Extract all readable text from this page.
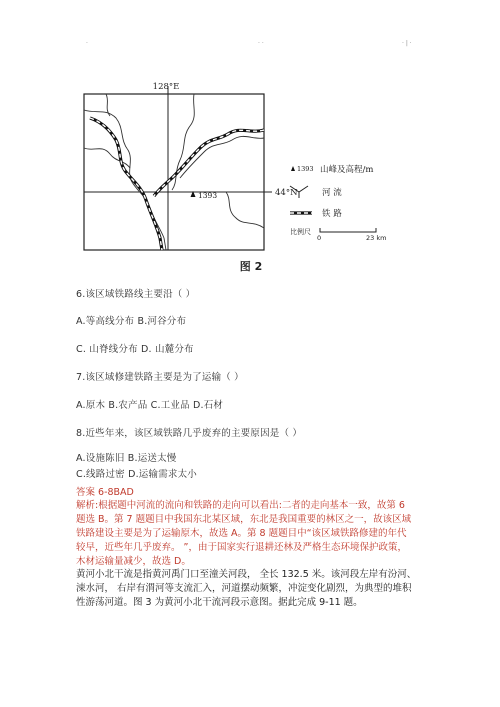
·	· ·	· | ·
128°E
44°N
1393
1393 山峰及高程/m
河 流
铁 路
比例尺
0	23 km
图 2
6.该区域铁路线主要沿（ ）
A.等高线分布 B.河谷分布
C. 山脊线分布 D. 山麓分布
7.该区域修建铁路主要是为了运输（ ）
A.原木 B.农产品 C.工业品 D.石材
8.近些年来，该区域铁路几乎废弃的主要原因是（ ）
A.设施陈旧 B.运送太慢
C.线路过密 D.运输需求太小
答案 6-8BAD
解析:根据题中河流的流向和铁路的走向可以看出:二者的走向基本一致，故第 6 题选 B。第 7 题题目中我国东北某区域，东北是我国重要的林区之一，故该区域铁路建设主要是为了运输原木，故选 A。第 8 题题目中“该区域铁路修建的年代较早，近些年几乎废弃。 ”，由于国家实行退耕还林及严格生态环境保护政策，木材运输量减少，故选 D。
黄河小北干流是指黄河禹门口至潼关河段， 全长 132.5 米。该河段左岸有汾河、涑水河， 右岸有渭河等支流汇入，河道摆动频繁，冲淀变化剧烈，为典型的堆积性游荡河道。图 3 为黄河小北干流河段示意图。据此完成 9-11 题。
